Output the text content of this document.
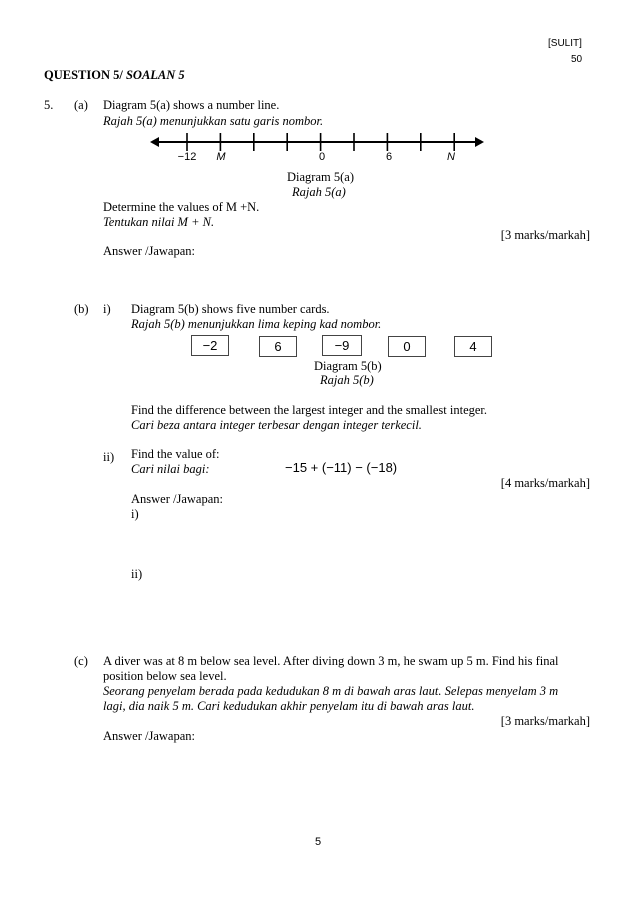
[SULIT]
50
QUESTION 5/ SOALAN 5
5. (a) Diagram 5(a) shows a number line.
Rajah 5(a) menunjukkan satu garis nombor.
−12 M	0	6	N
Diagram 5(a)
Rajah 5(a)
Determine the values of M +N.
Tentukan nilai M + N.
[3 marks/markah]
Answer /Jawapan:
(b) i) Diagram 5(b) shows five number cards.
Rajah 5(b) menunjukkan lima keping kad nombor.
−2	6	−9	0	4
Diagram 5(b)
Rajah 5(b)
Find the difference between the largest integer and the smallest integer.
Cari beza antara integer terbesar dengan integer terkecil.
ii) Find the value of:
Cari nilai bagi:	−15 + (−11) − (−18)
[4 marks/markah]
Answer /Jawapan:
i)
ii)
(c) A diver was at 8 m below sea level. After diving down 3 m, he swam up 5 m. Find his final
position below sea level.
Seorang penyelam berada pada kedudukan 8 m di bawah aras laut. Selepas menyelam 3 m
lagi, dia naik 5 m. Cari kedudukan akhir penyelam itu di bawah aras laut.
[3 marks/markah]
Answer /Jawapan:
5
